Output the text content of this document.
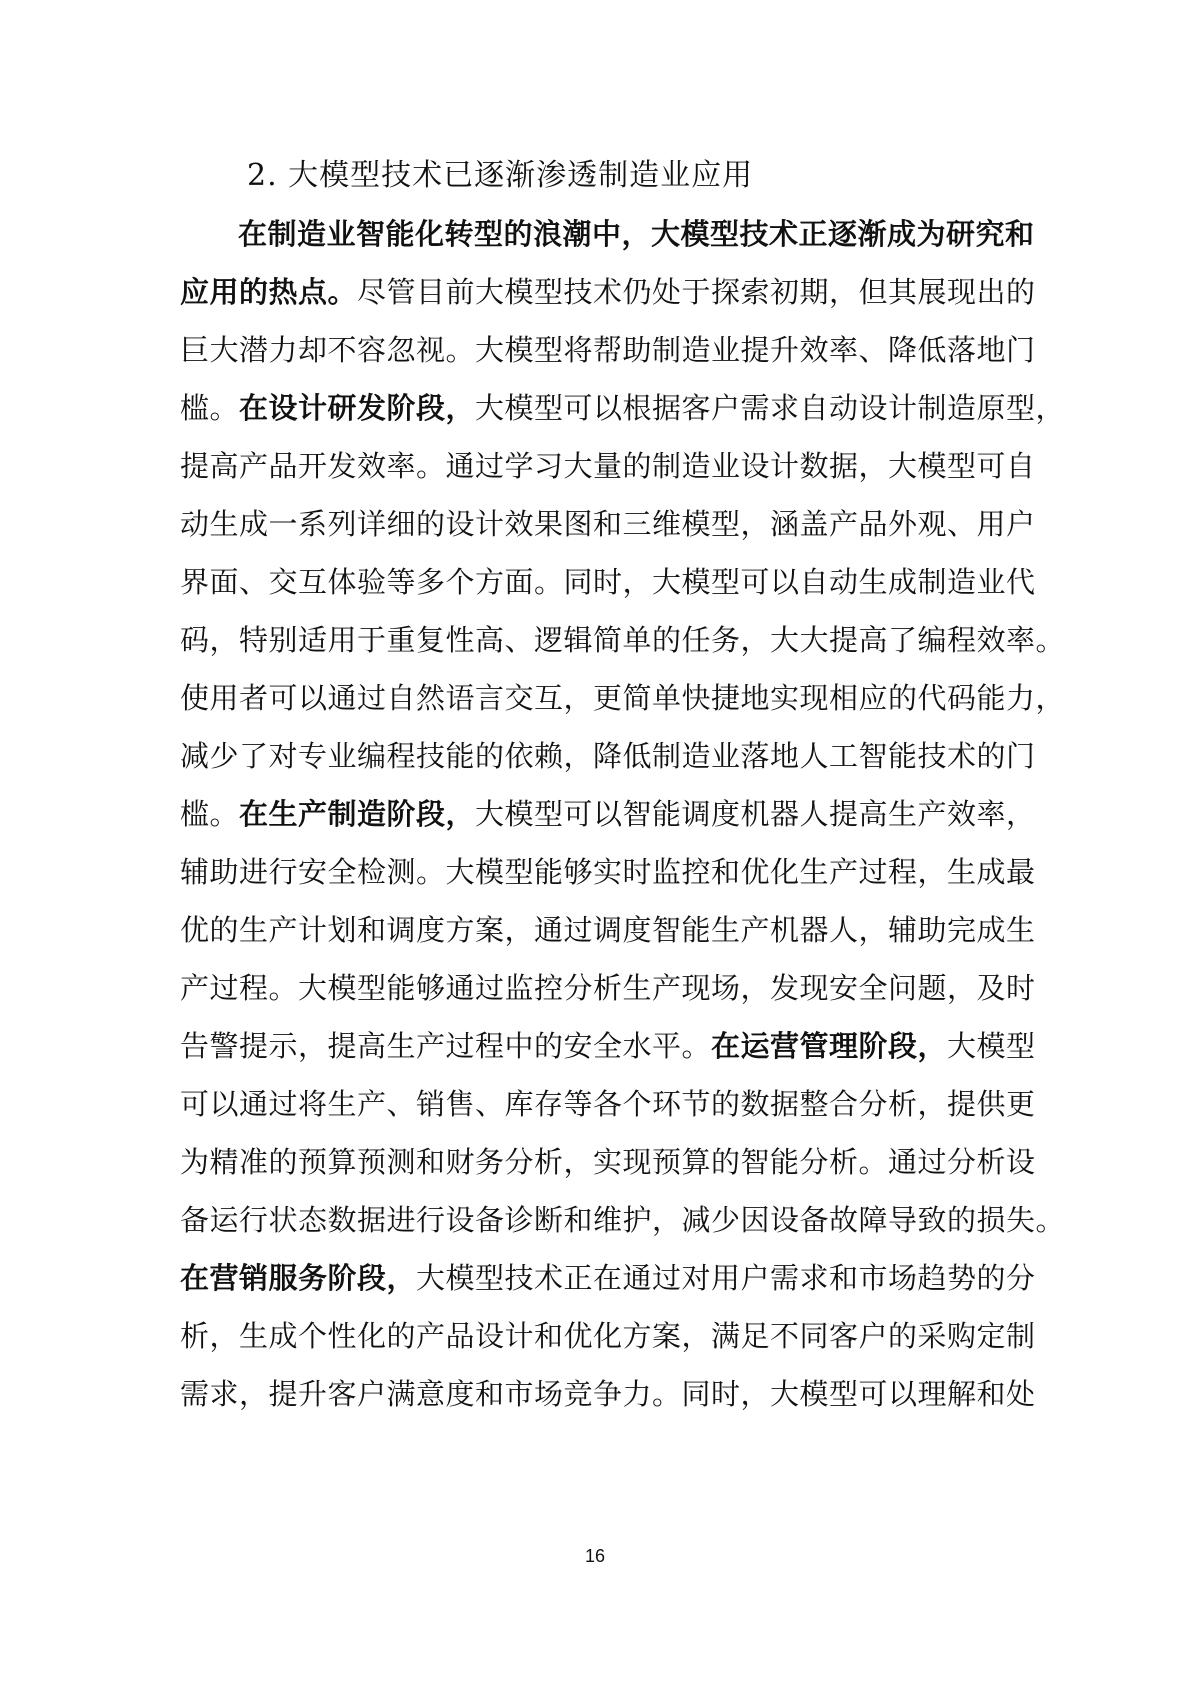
2. 大模型技术已逐渐渗透制造业应用
在制造业智能化转型的浪潮中，大模型技术正逐渐成为研究和
应用的热点。尽管目前大模型技术仍处于探索初期，但其展现出的
巨大潜力却不容忽视。大模型将帮助制造业提升效率、降低落地门
槛。在设计研发阶段，大模型可以根据客户需求自动设计制造原型，
提高产品开发效率。通过学习大量的制造业设计数据，大模型可自
动生成一系列详细的设计效果图和三维模型，涵盖产品外观、用户
界面、交互体验等多个方面。同时，大模型可以自动生成制造业代
码，特别适用于重复性高、逻辑简单的任务，大大提高了编程效率。
使用者可以通过自然语言交互，更简单快捷地实现相应的代码能力，
减少了对专业编程技能的依赖，降低制造业落地人工智能技术的门
槛。在生产制造阶段，大模型可以智能调度机器人提高生产效率，
辅助进行安全检测。大模型能够实时监控和优化生产过程，生成最
优的生产计划和调度方案，通过调度智能生产机器人，辅助完成生
产过程。大模型能够通过监控分析生产现场，发现安全问题，及时
告警提示，提高生产过程中的安全水平。在运营管理阶段，大模型
可以通过将生产、销售、库存等各个环节的数据整合分析，提供更
为精准的预算预测和财务分析，实现预算的智能分析。通过分析设
备运行状态数据进行设备诊断和维护，减少因设备故障导致的损失。
在营销服务阶段，大模型技术正在通过对用户需求和市场趋势的分
析，生成个性化的产品设计和优化方案，满足不同客户的采购定制
需求，提升客户满意度和市场竞争力。同时，大模型可以理解和处
16
